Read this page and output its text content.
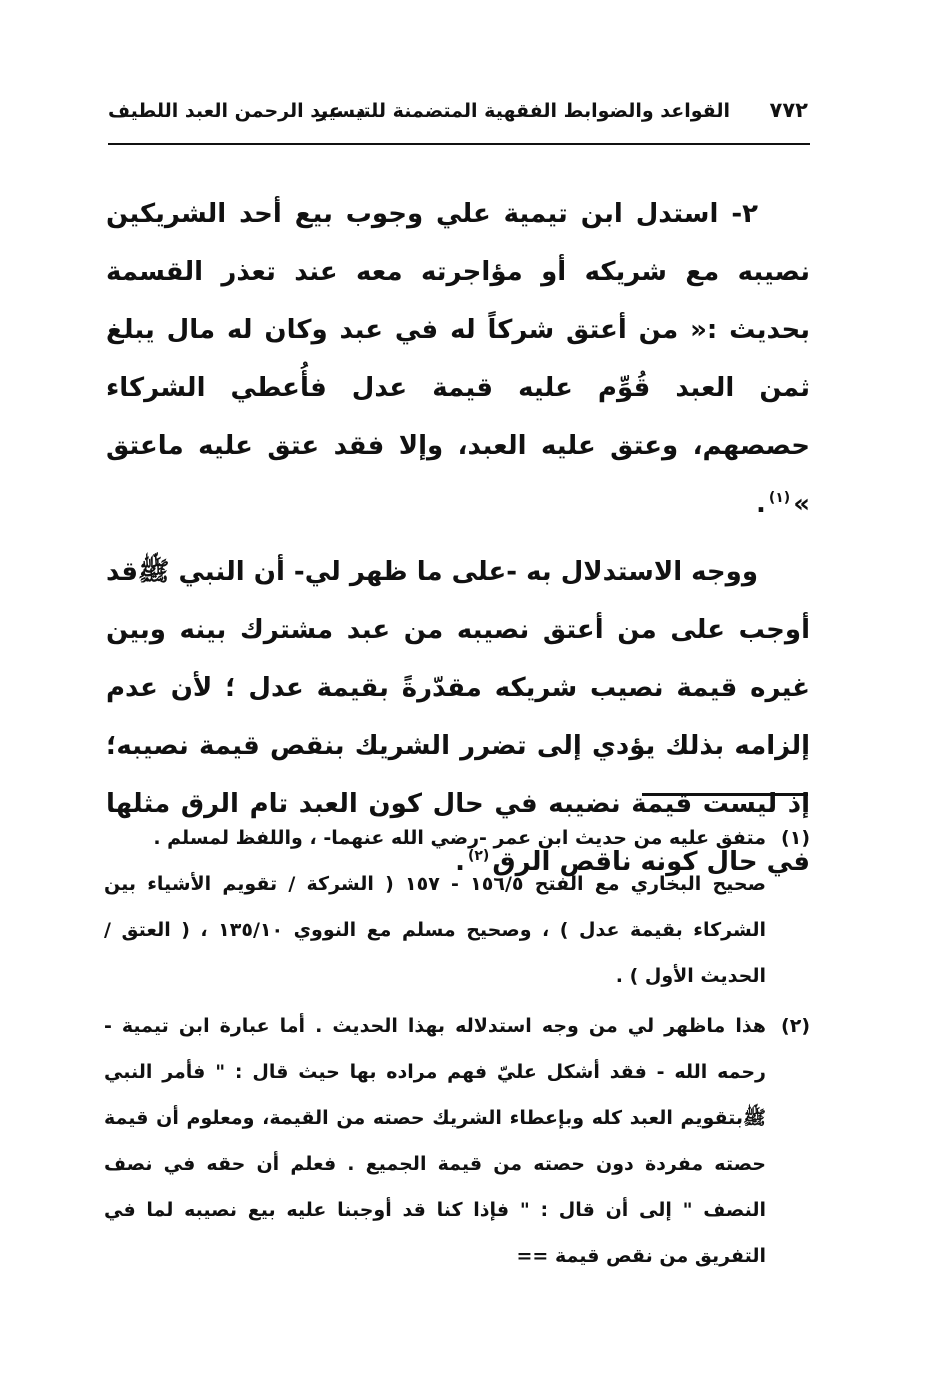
٧٧٢
القواعد والضوابط الفقهية المتضمنة للتيسير
د. عبد الرحمن العبد اللطيف

٢- استدل ابن تيمية علي وجوب بيع أحد الشريكين نصيبه مع شريكه أو مؤاجرته معه عند تعذر القسمة بحديث :« من أعتق شركاً له في عبد وكان له مال يبلغ ثمن العبد قُوِّم عليه قيمة عدل فأُعطي الشركاء حصصهم، وعتق عليه العبد، وإلا فقد عتق عليه ماعتق »$^{(١)}$.

ووجه الاستدلال به -على ما ظهر لي- أن النبي ﷺقد أوجب على من أعتق نصيبه من عبد مشترك بينه وبين غيره قيمة نصيب شريكه مقدّرةً بقيمة عدل ؛ لأن عدم إلزامه بذلك يؤدي إلى تضرر الشريك بنقص قيمة نصيبه؛ إذ ليست قيمة نضيبه في حال كون العبد تام الرق مثلها في حال كونه ناقص الرق$^{(٢)}$.

(١)

متفق عليه من حديث ابن عمر -رضي الله عنهما- ، واللفظ لمسلم .

صحيح البخاري مع الفتح ١٥٦/٥ - ١٥٧ ( الشركة / تقويم الأشياء بين الشركاء بقيمة عدل ) ، وصحيح مسلم مع النووي ١٣٥/١٠ ، ( العتق / الحديث الأول ) .

(٢)

هذا ماظهر لي من وجه استدلاله بهذا الحديث . أما عبارة ابن تيمية - رحمه الله - فقد أشكل عليّ فهم مراده بها حيث قال : " فأمر النبي ﷺبتقويم العبد كله وبإعطاء الشريك حصته من القيمة، ومعلوم أن قيمة حصته مفردة دون حصته من قيمة الجميع . فعلم أن حقه في نصف النصف " إلى أن قال : " فإذا كنا قد أوجبنا عليه بيع نصيبه لما في التفريق من نقص قيمة ==
